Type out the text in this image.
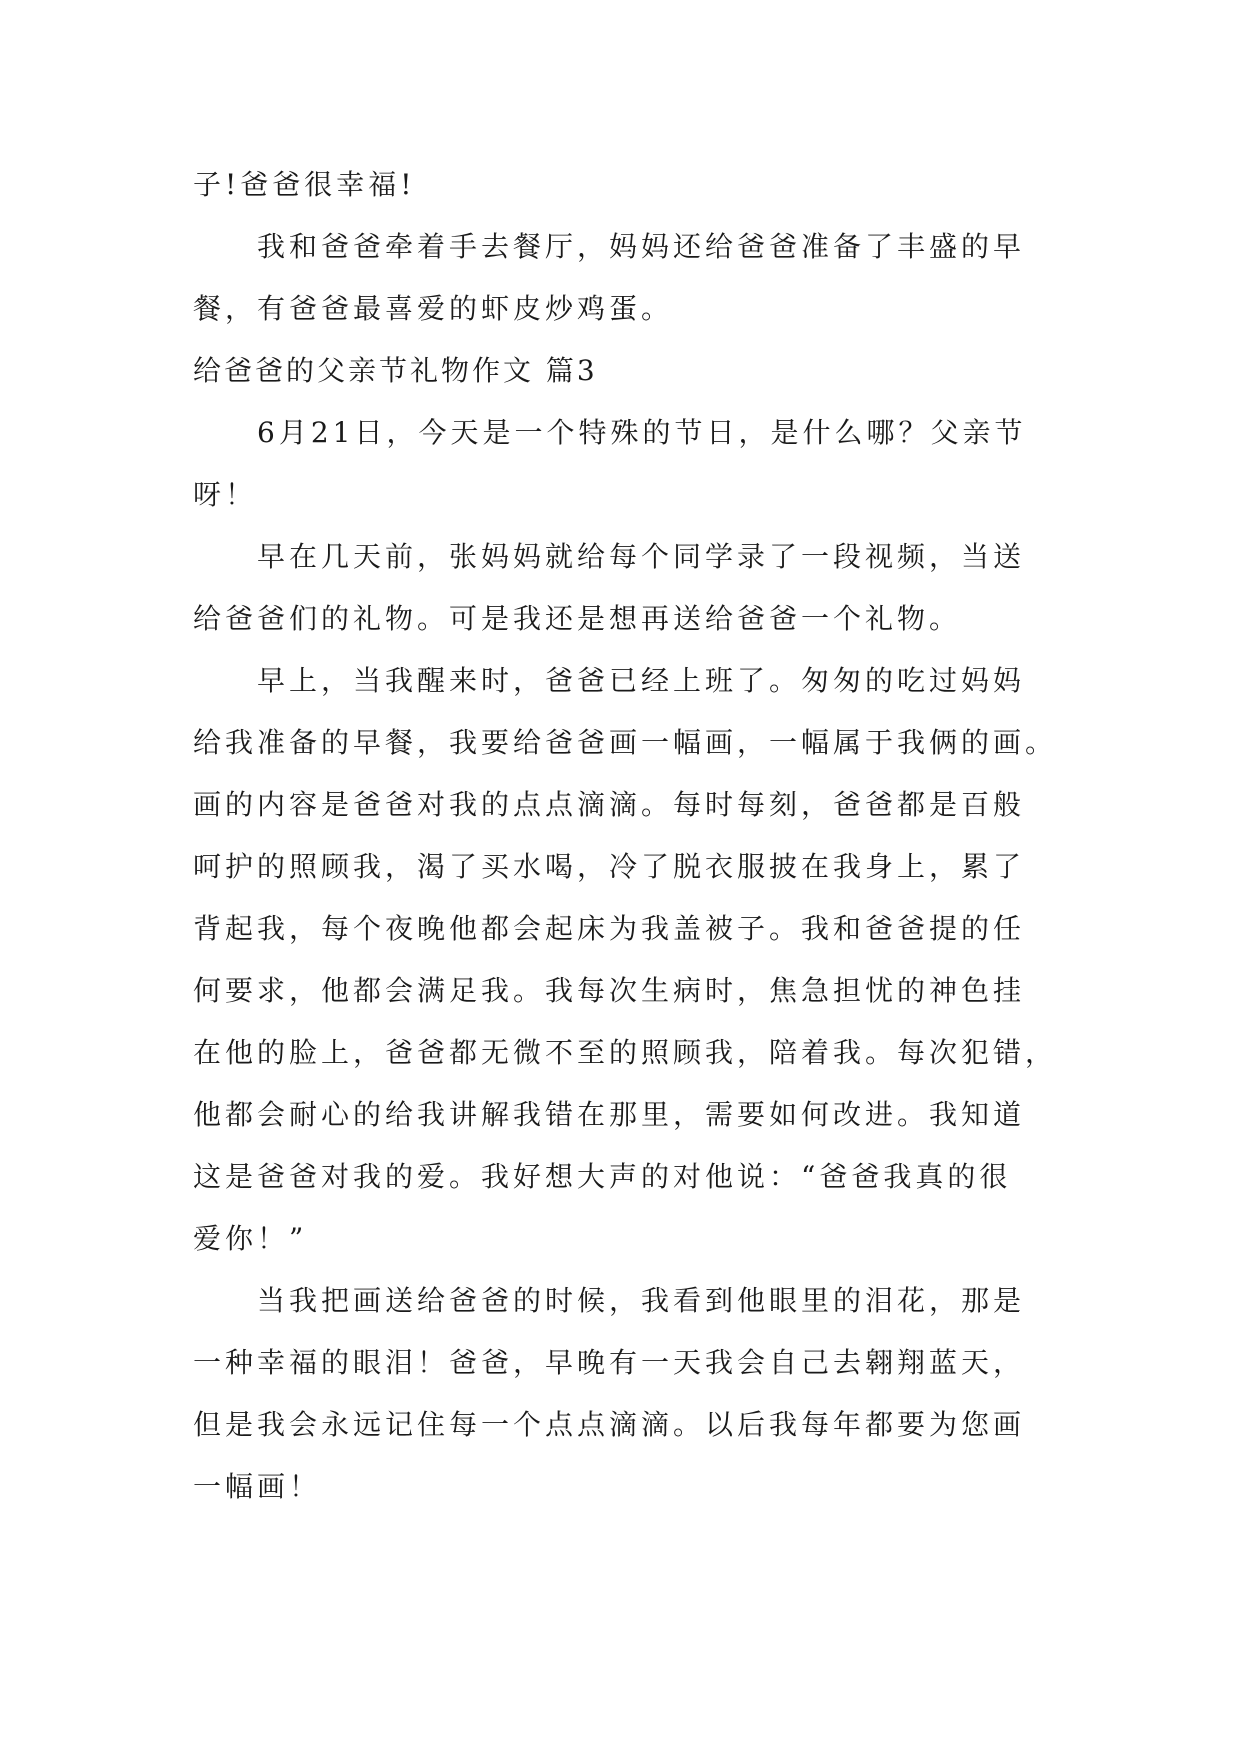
子!爸爸很幸福!
我和爸爸牵着手去餐厅，妈妈还给爸爸准备了丰盛的早
餐，有爸爸最喜爱的虾皮炒鸡蛋。
给爸爸的父亲节礼物作文 篇3
6月21日，今天是一个特殊的节日，是什么哪？父亲节
呀！
早在几天前，张妈妈就给每个同学录了一段视频，当送
给爸爸们的礼物。可是我还是想再送给爸爸一个礼物。
早上，当我醒来时，爸爸已经上班了。匆匆的吃过妈妈
给我准备的早餐，我要给爸爸画一幅画，一幅属于我俩的画。
画的内容是爸爸对我的点点滴滴。每时每刻，爸爸都是百般
呵护的照顾我，渴了买水喝，冷了脱衣服披在我身上，累了
背起我，每个夜晚他都会起床为我盖被子。我和爸爸提的任
何要求，他都会满足我。我每次生病时，焦急担忧的神色挂
在他的脸上，爸爸都无微不至的照顾我，陪着我。每次犯错，
他都会耐心的给我讲解我错在那里，需要如何改进。我知道
这是爸爸对我的爱。我好想大声的对他说：“爸爸我真的很
爱你！”
当我把画送给爸爸的时候，我看到他眼里的泪花，那是
一种幸福的眼泪！爸爸，早晚有一天我会自己去翱翔蓝天，
但是我会永远记住每一个点点滴滴。以后我每年都要为您画
一幅画！
